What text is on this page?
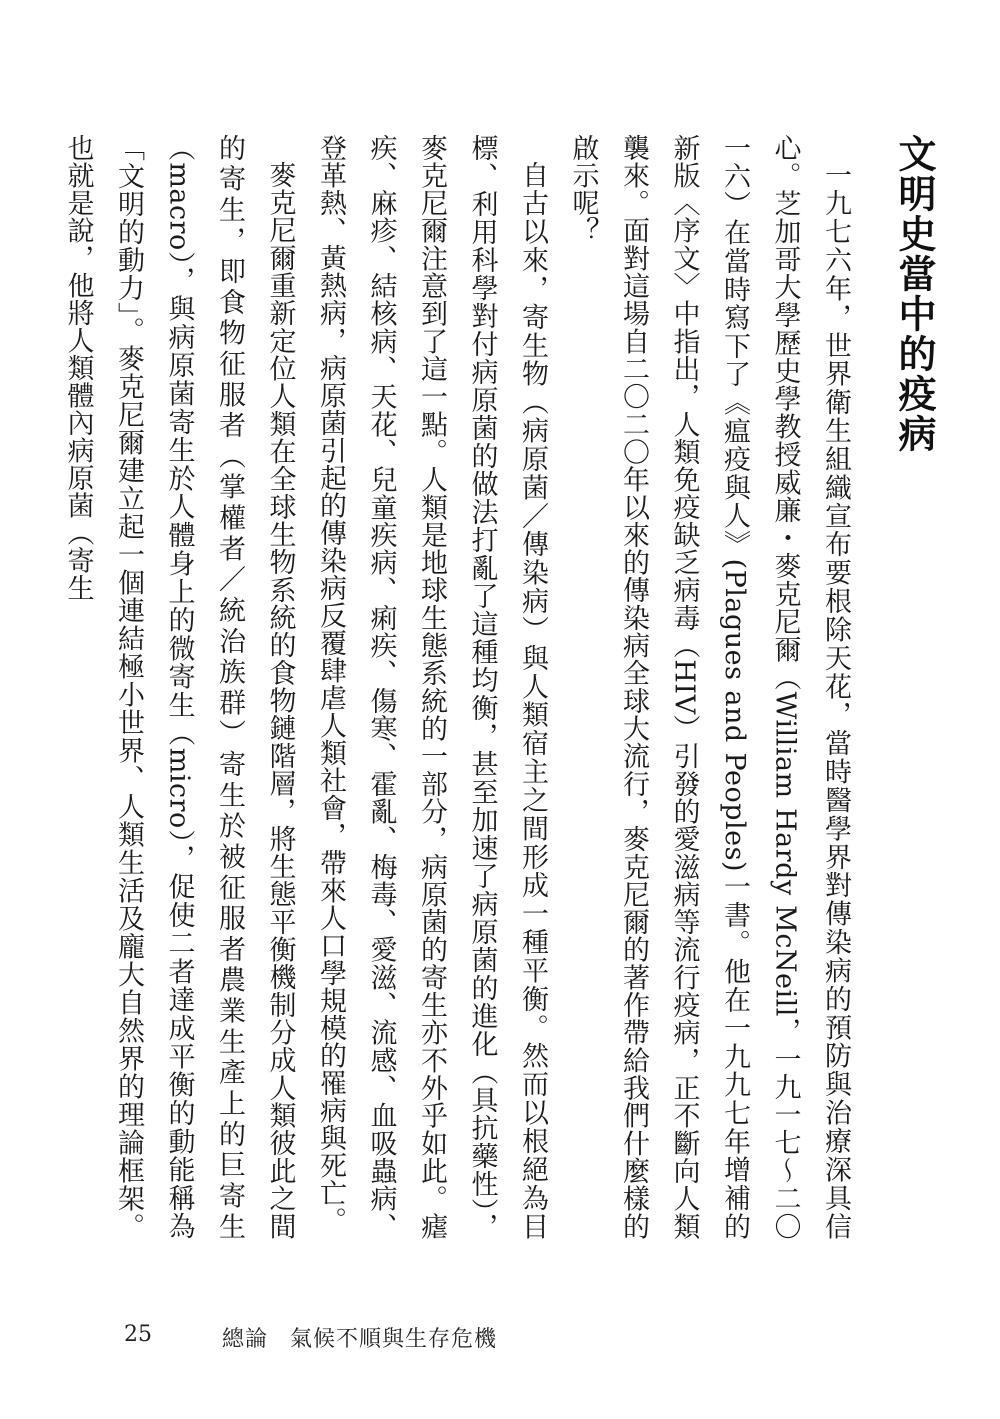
文明史當中的疫病

一九七六年，世界衛生組織宣布要根除天花，當時醫學界對傳染病的預防與治療深具信心。芝加哥大學歷史學教授威廉・麥克尼爾（William Hardy McNeill，一九一七～二〇一六）在當時寫下了《瘟疫與人》(Plagues and Peoples)一書。他在一九九七年增補的新版〈序文〉中指出，人類免疫缺乏病毒（HIV）引發的愛滋病等流行疫病，正不斷向人類襲來。面對這場自二〇二〇年以來的傳染病全球大流行，麥克尼爾的著作帶給我們什麼樣的啟示呢？

自古以來，寄生物（病原菌／傳染病）與人類宿主之間形成一種平衡。然而以根絕為目標、利用科學對付病原菌的做法打亂了這種均衡，甚至加速了病原菌的進化（具抗藥性），麥克尼爾注意到了這一點。人類是地球生態系統的一部分，病原菌的寄生亦不外乎如此。瘧疾、麻疹、結核病、天花、兒童疾病、痢疾、傷寒、霍亂、梅毒、愛滋、流感、血吸蟲病、登革熱、黃熱病，病原菌引起的傳染病反覆肆虐人類社會，帶來人口學規模的罹病與死亡。

麥克尼爾重新定位人類在全球生物系統的食物鏈階層，將生態平衡機制分成人類彼此之間的寄生，即食物征服者（掌權者／統治族群）寄生於被征服者農業生產上的巨寄生（macro），與病原菌寄生於人體身上的微寄生（micro），促使二者達成平衡的動能稱為「文明的動力」。麥克尼爾建立起一個連結極小世界、人類生活及龐大自然界的理論框架。也就是說，他將人類體內病原菌（寄生

25	總論 氣候不順與生存危機
